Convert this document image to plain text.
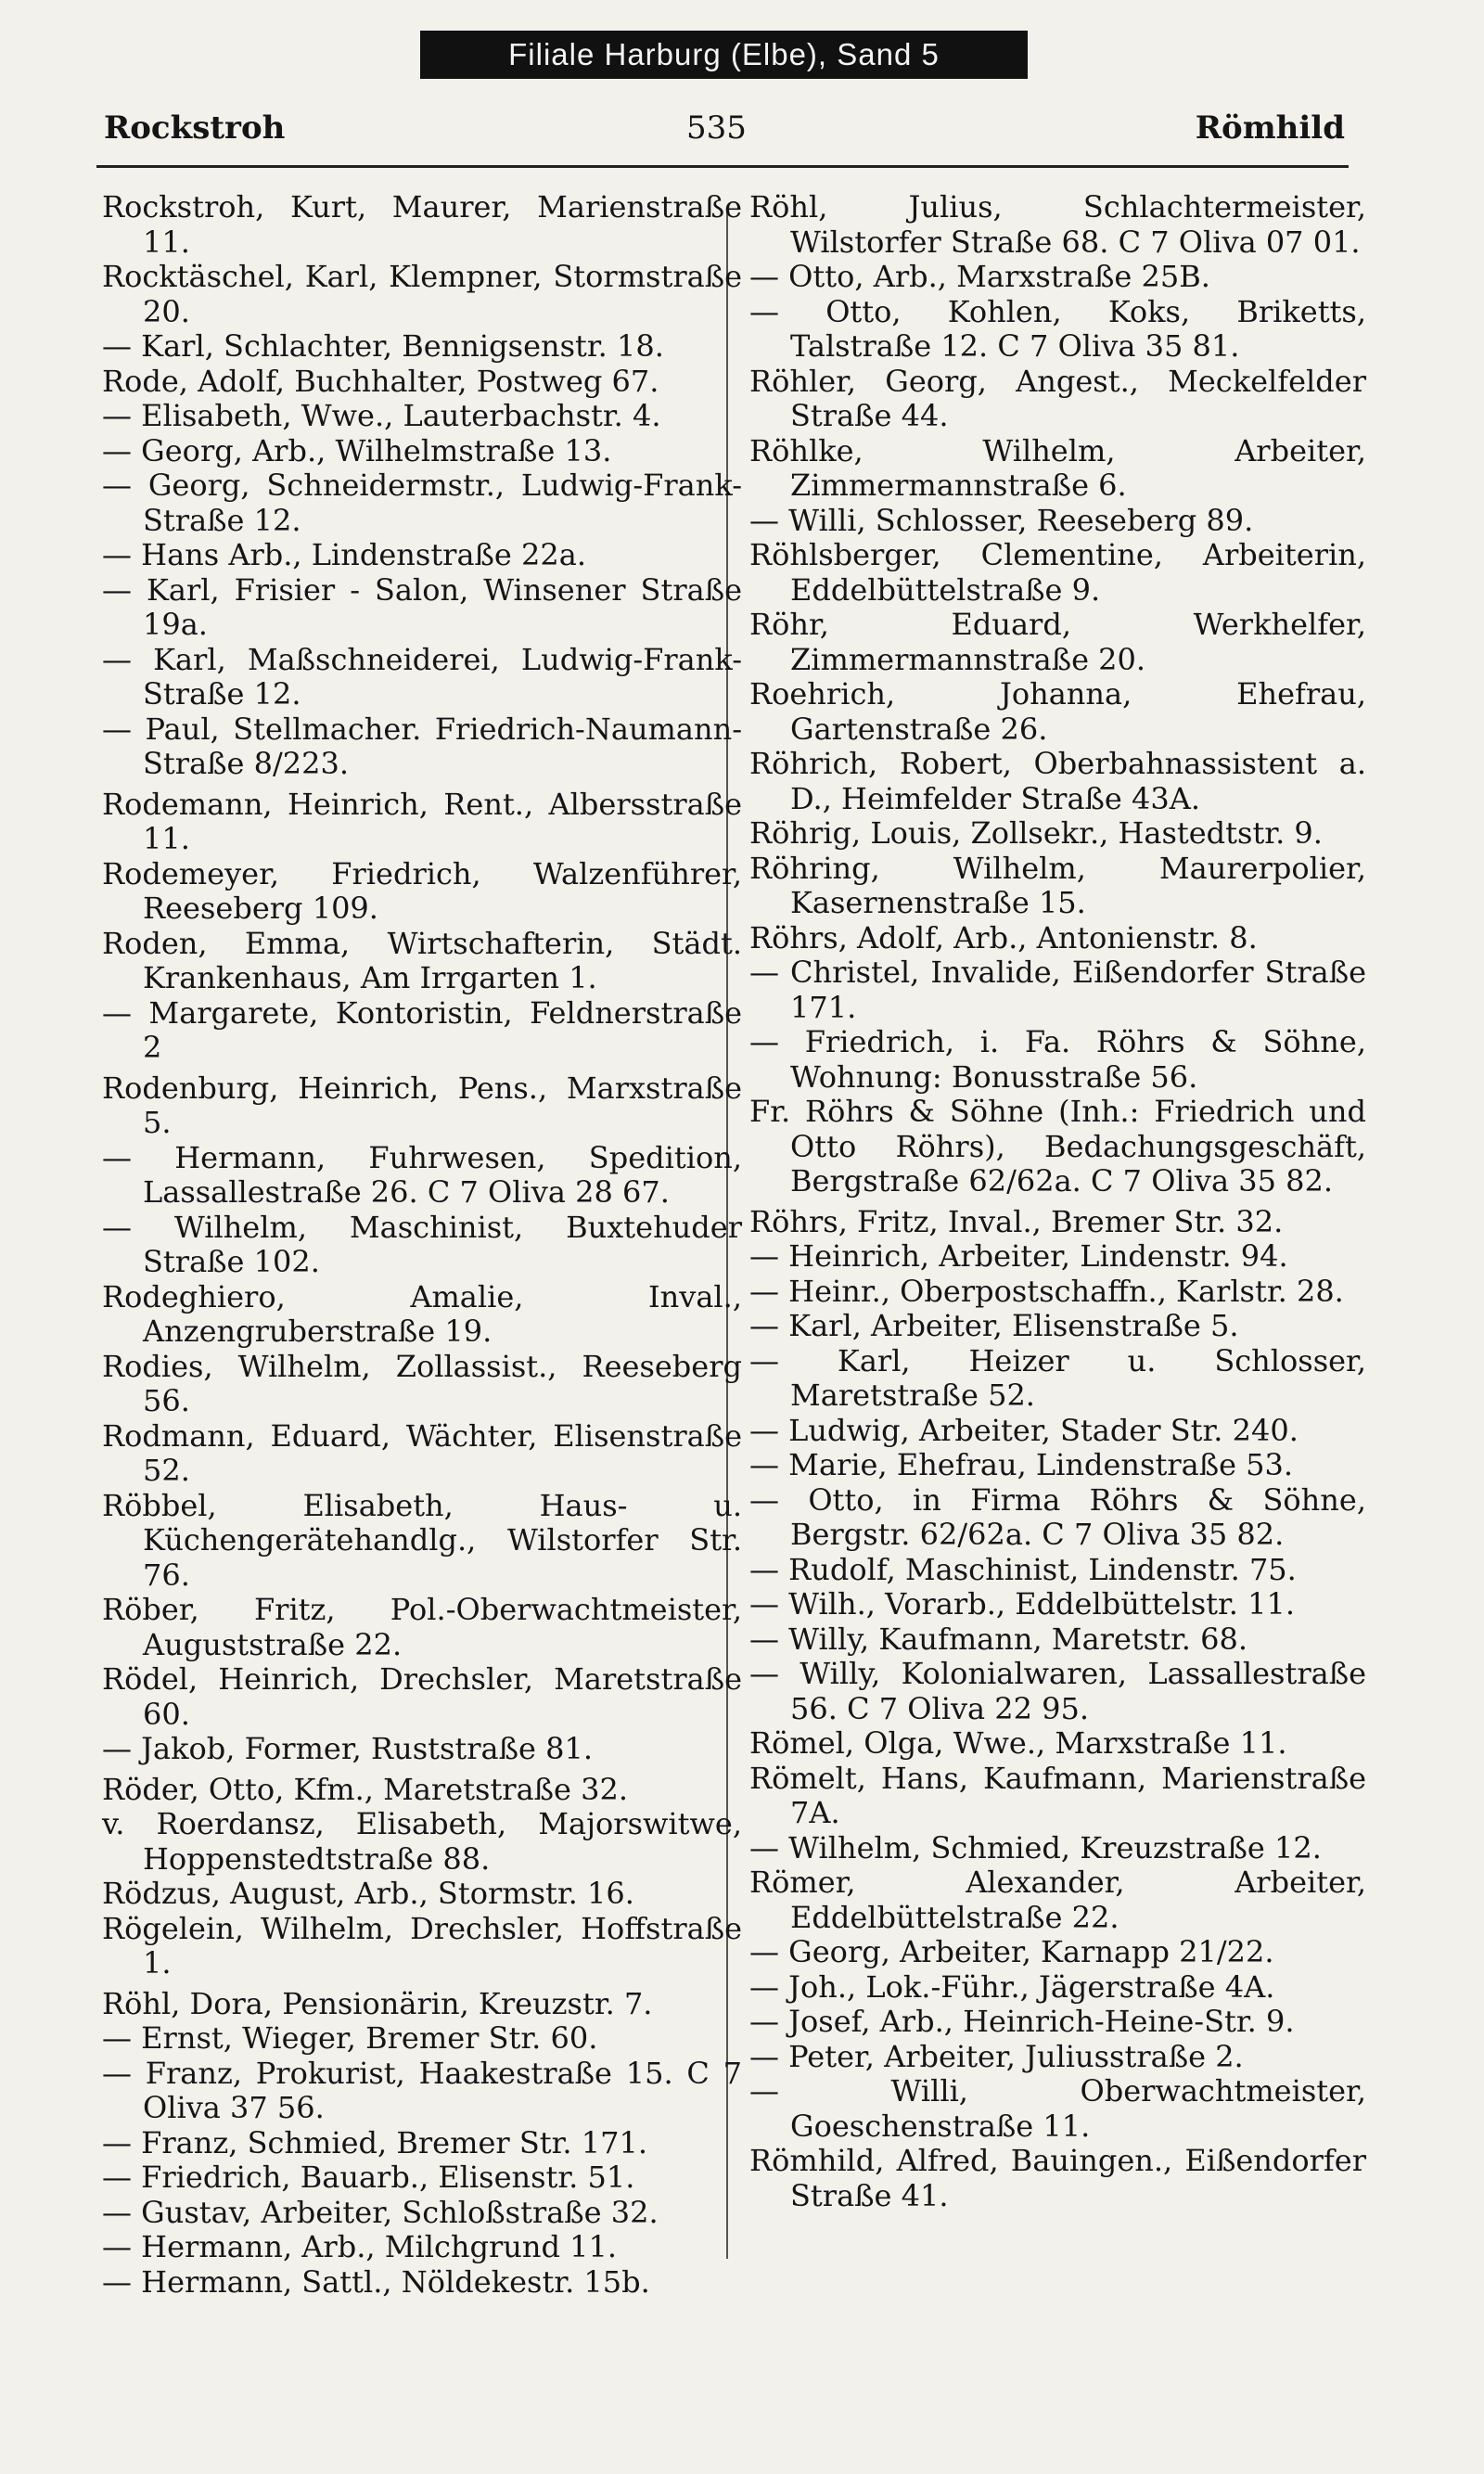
Filiale Harburg (Elbe), Sand 5
Rockstroh	535	Römhild

Rockstroh, Kurt, Maurer, Marienstraße 11.

Rocktäschel, Karl, Klempner, Stormstraße 20.

— Karl, Schlachter, Bennigsenstr. 18.

Rode, Adolf, Buchhalter, Postweg 67.

— Elisabeth, Wwe., Lauterbachstr. 4.

— Georg, Arb., Wilhelmstraße 13.

— Georg, Schneidermstr., Ludwig-Frank-Straße 12.

— Hans Arb., Lindenstraße 22a.

— Karl, Frisier - Salon, Winsener Straße 19a.

— Karl, Maßschneiderei, Ludwig-Frank-Straße 12.

— Paul, Stellmacher. Friedrich-Naumann-Straße 8/223.

Rodemann, Heinrich, Rent., Albersstraße 11.

Rodemeyer, Friedrich, Walzenführer, Reeseberg 109.

Roden, Emma, Wirtschafterin, Städt. Krankenhaus, Am Irrgarten 1.

— Margarete, Kontoristin, Feldnerstraße 2

Rodenburg, Heinrich, Pens., Marxstraße 5.

— Hermann, Fuhrwesen, Spedition, Lassallestraße 26. C 7 Oliva 28 67.

— Wilhelm, Maschinist, Buxtehuder Straße 102.

Rodeghiero, Amalie, Inval., Anzengruberstraße 19.

Rodies, Wilhelm, Zollassist., Reeseberg 56.

Rodmann, Eduard, Wächter, Elisenstraße 52.

Röbbel, Elisabeth, Haus- u. Küchengerätehandlg., Wilstorfer Str. 76.

Röber, Fritz, Pol.-Oberwachtmeister, Auguststraße 22.

Rödel, Heinrich, Drechsler, Maretstraße 60.

— Jakob, Former, Ruststraße 81.

Röder, Otto, Kfm., Maretstraße 32.

v. Roerdansz, Elisabeth, Majorswitwe, Hoppenstedtstraße 88.

Rödzus, August, Arb., Stormstr. 16.

Rögelein, Wilhelm, Drechsler, Hoffstraße 1.

Röhl, Dora, Pensionärin, Kreuzstr. 7.

— Ernst, Wieger, Bremer Str. 60.

— Franz, Prokurist, Haakestraße 15. C 7 Oliva 37 56.

— Franz, Schmied, Bremer Str. 171.

— Friedrich, Bauarb., Elisenstr. 51.

— Gustav, Arbeiter, Schloßstraße 32.

— Hermann, Arb., Milchgrund 11.

— Hermann, Sattl., Nöldekestr. 15b.

Röhl, Julius, Schlachtermeister, Wilstorfer Straße 68. C 7 Oliva 07 01.

— Otto, Arb., Marxstraße 25B.

— Otto, Kohlen, Koks, Briketts, Talstraße 12. C 7 Oliva 35 81.

Röhler, Georg, Angest., Meckelfelder Straße 44.

Röhlke, Wilhelm, Arbeiter, Zimmermannstraße 6.

— Willi, Schlosser, Reeseberg 89.

Röhlsberger, Clementine, Arbeiterin, Eddelbüttelstraße 9.

Röhr, Eduard, Werkhelfer, Zimmermannstraße 20.

Roehrich, Johanna, Ehefrau, Gartenstraße 26.

Röhrich, Robert, Oberbahnassistent a. D., Heimfelder Straße 43A.

Röhrig, Louis, Zollsekr., Hastedtstr. 9.

Röhring, Wilhelm, Maurerpolier, Kasernenstraße 15.

Röhrs, Adolf, Arb., Antonienstr. 8.

— Christel, Invalide, Eißendorfer Straße 171.

— Friedrich, i. Fa. Röhrs & Söhne, Wohnung: Bonusstraße 56.

Fr. Röhrs & Söhne (Inh.: Friedrich und Otto Röhrs), Bedachungsgeschäft, Bergstraße 62/62a. C 7 Oliva 35 82.

Röhrs, Fritz, Inval., Bremer Str. 32.

— Heinrich, Arbeiter, Lindenstr. 94.

— Heinr., Oberpostschaffn., Karlstr. 28.

— Karl, Arbeiter, Elisenstraße 5.

— Karl, Heizer u. Schlosser, Maretstraße 52.

— Ludwig, Arbeiter, Stader Str. 240.

— Marie, Ehefrau, Lindenstraße 53.

— Otto, in Firma Röhrs & Söhne, Bergstr. 62/62a. C 7 Oliva 35 82.

— Rudolf, Maschinist, Lindenstr. 75.

— Wilh., Vorarb., Eddelbüttelstr. 11.

— Willy, Kaufmann, Maretstr. 68.

— Willy, Kolonialwaren, Lassallestraße 56. C 7 Oliva 22 95.

Römel, Olga, Wwe., Marxstraße 11.

Römelt, Hans, Kaufmann, Marienstraße 7A.

— Wilhelm, Schmied, Kreuzstraße 12.

Römer, Alexander, Arbeiter, Eddelbüttelstraße 22.

— Georg, Arbeiter, Karnapp 21/22.

— Joh., Lok.-Führ., Jägerstraße 4A.

— Josef, Arb., Heinrich-Heine-Str. 9.

— Peter, Arbeiter, Juliusstraße 2.

— Willi, Oberwachtmeister, Goeschenstraße 11.

Römhild, Alfred, Bauingen., Eißendorfer Straße 41.
